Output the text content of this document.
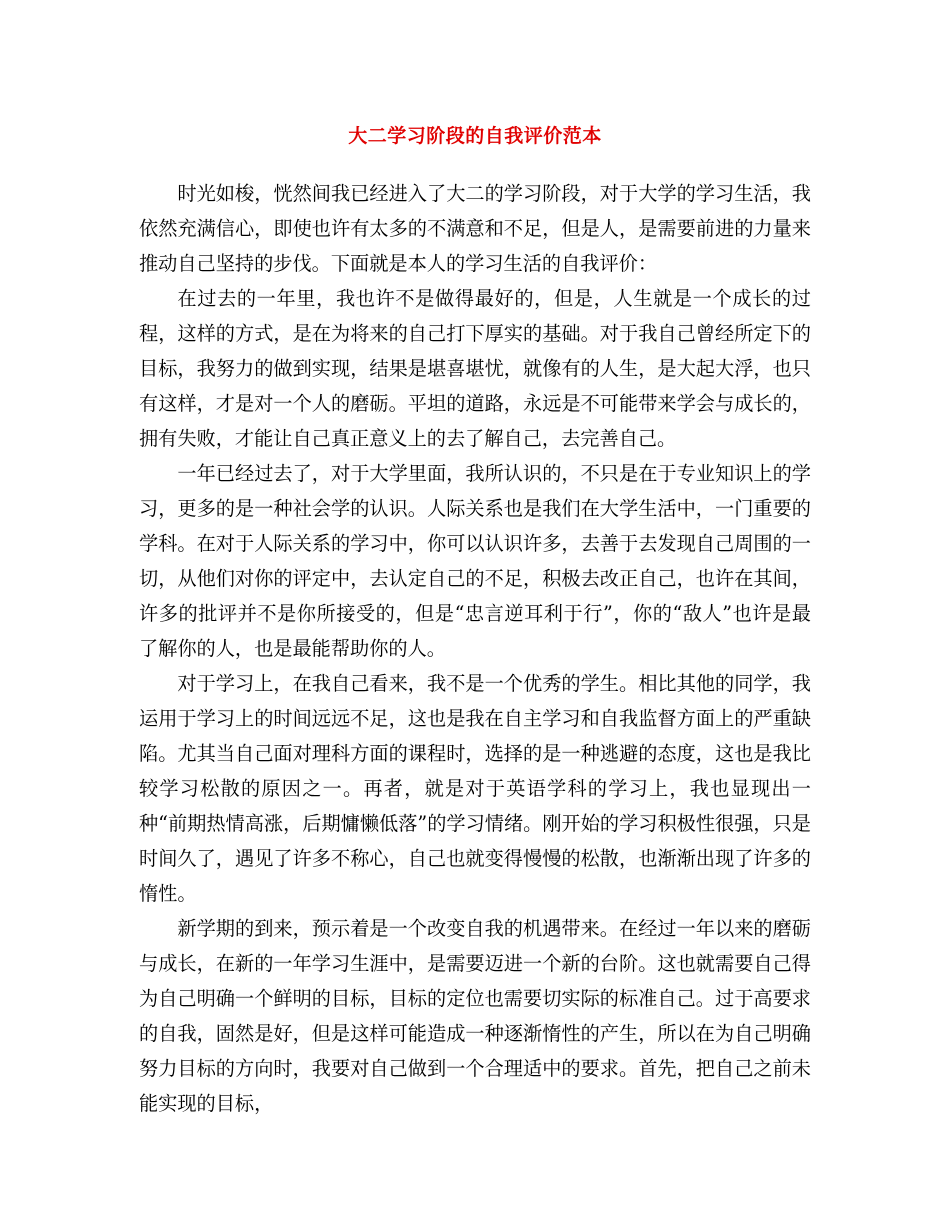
大二学习阶段的自我评价范本

时光如梭，恍然间我已经进入了大二的学习阶段，对于大学的学习生活，我依然充满信心，即使也许有太多的不满意和不足，但是人，是需要前进的力量来推动自己坚持的步伐。下面就是本人的学习生活的自我评价：

在过去的一年里，我也许不是做得最好的，但是，人生就是一个成长的过程，这样的方式，是在为将来的自己打下厚实的基础。对于我自己曾经所定下的目标，我努力的做到实现，结果是堪喜堪忧，就像有的人生，是大起大浮，也只有这样，才是对一个人的磨砺。平坦的道路，永远是不可能带来学会与成长的，拥有失败，才能让自己真正意义上的去了解自己，去完善自己。

一年已经过去了，对于大学里面，我所认识的，不只是在于专业知识上的学习，更多的是一种社会学的认识。人际关系也是我们在大学生活中，一门重要的学科。在对于人际关系的学习中，你可以认识许多，去善于去发现自己周围的一切，从他们对你的评定中，去认定自己的不足，积极去改正自己，也许在其间，许多的批评并不是你所接受的，但是“忠言逆耳利于行”，你的“敌人”也许是最了解你的人，也是最能帮助你的人。

对于学习上，在我自己看来，我不是一个优秀的学生。相比其他的同学，我运用于学习上的时间远远不足，这也是我在自主学习和自我监督方面上的严重缺陷。尤其当自己面对理科方面的课程时，选择的是一种逃避的态度，这也是我比较学习松散的原因之一。再者，就是对于英语学科的学习上，我也显现出一种“前期热情高涨，后期慵懒低落”的学习情绪。刚开始的学习积极性很强，只是时间久了，遇见了许多不称心，自己也就变得慢慢的松散，也渐渐出现了许多的惰性。

新学期的到来，预示着是一个改变自我的机遇带来。在经过一年以来的磨砺与成长，在新的一年学习生涯中，是需要迈进一个新的台阶。这也就需要自己得为自己明确一个鲜明的目标，目标的定位也需要切实际的标准自己。过于高要求的自我，固然是好，但是这样可能造成一种逐渐惰性的产生，所以在为自己明确努力目标的方向时，我要对自己做到一个合理适中的要求。首先，把自己之前未能实现的目标，
